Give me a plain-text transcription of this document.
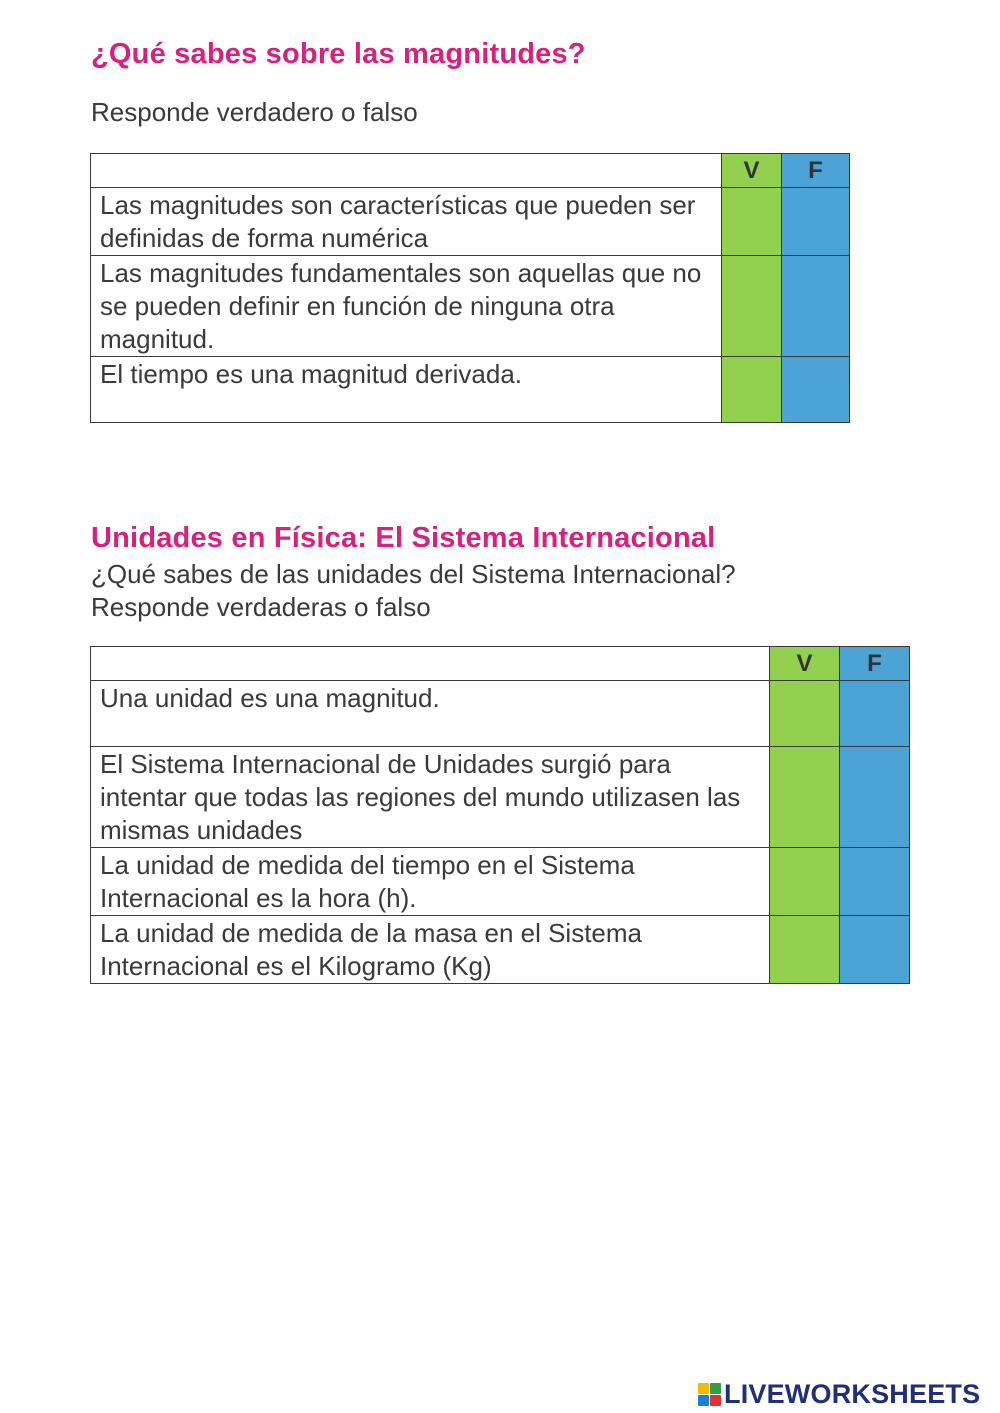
¿Qué sabes sobre las magnitudes?

Responde verdadero o falso

	V	F
Las magnitudes son características que pueden ser definidas de forma numérica		
Las magnitudes fundamentales son aquellas que no se pueden definir en función de ninguna otra magnitud.		
El tiempo es una magnitud derivada.		
Unidades en Física: El Sistema Internacional

¿Qué sabes de las unidades del Sistema Internacional?

Responde verdaderas o falso

	V	F
Una unidad es una magnitud.		
El Sistema Internacional de Unidades surgió para intentar que todas las regiones del mundo utilizasen las mismas unidades		
La unidad de medida del tiempo en el Sistema Internacional es la hora (h).		
La unidad de medida de la masa en el Sistema Internacional es el Kilogramo (Kg)		
LIVEWORKSHEETS
